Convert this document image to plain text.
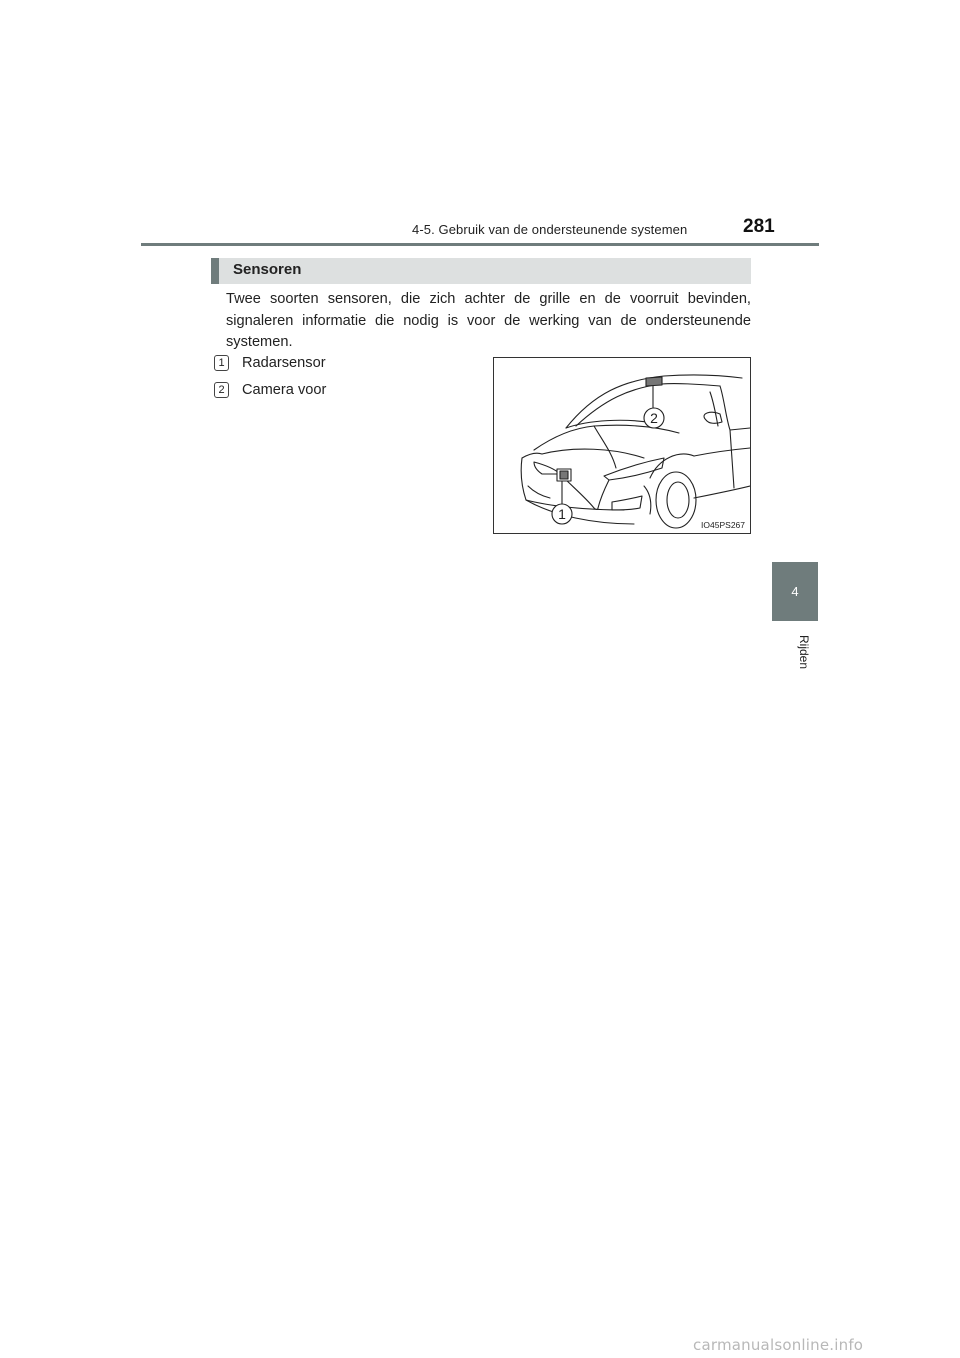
4-5. Gebruik van de ondersteunende systemen	281
4
Rijden
Sensoren

Twee soorten sensoren, die zich achter de grille en de voorruit bevinden, signaleren informatie die nodig is voor de werking van de ondersteunende systemen.

1	Radarsensor
2	Camera voor
2
1
IO45PS267
carmanualsonline.info
